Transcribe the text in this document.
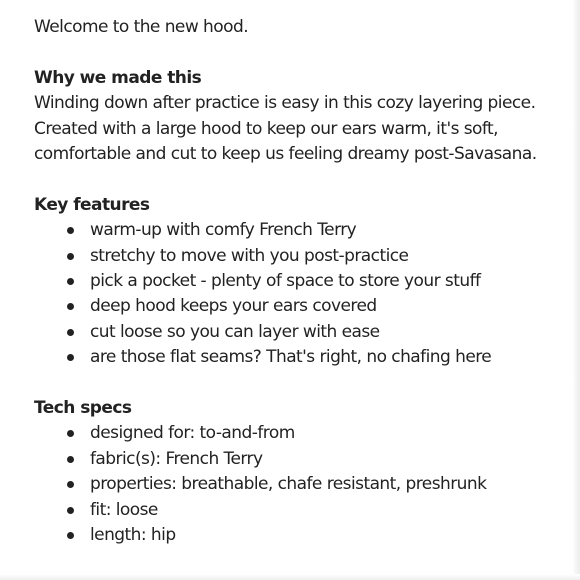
Welcome to the new hood.

Why we made this

Winding down after practice is easy in this cozy layering piece.

Created with a large hood to keep our ears warm, it's soft,

comfortable and cut to keep us feeling dreamy post-Savasana.

Key features

warm-up with comfy French Terry
stretchy to move with you post-practice
pick a pocket - plenty of space to store your stuff
deep hood keeps your ears covered
cut loose so you can layer with ease
are those flat seams? That's right, no chafing here

Tech specs

designed for: to-and-from
fabric(s): French Terry
properties: breathable, chafe resistant, preshrunk
fit: loose
length: hip
